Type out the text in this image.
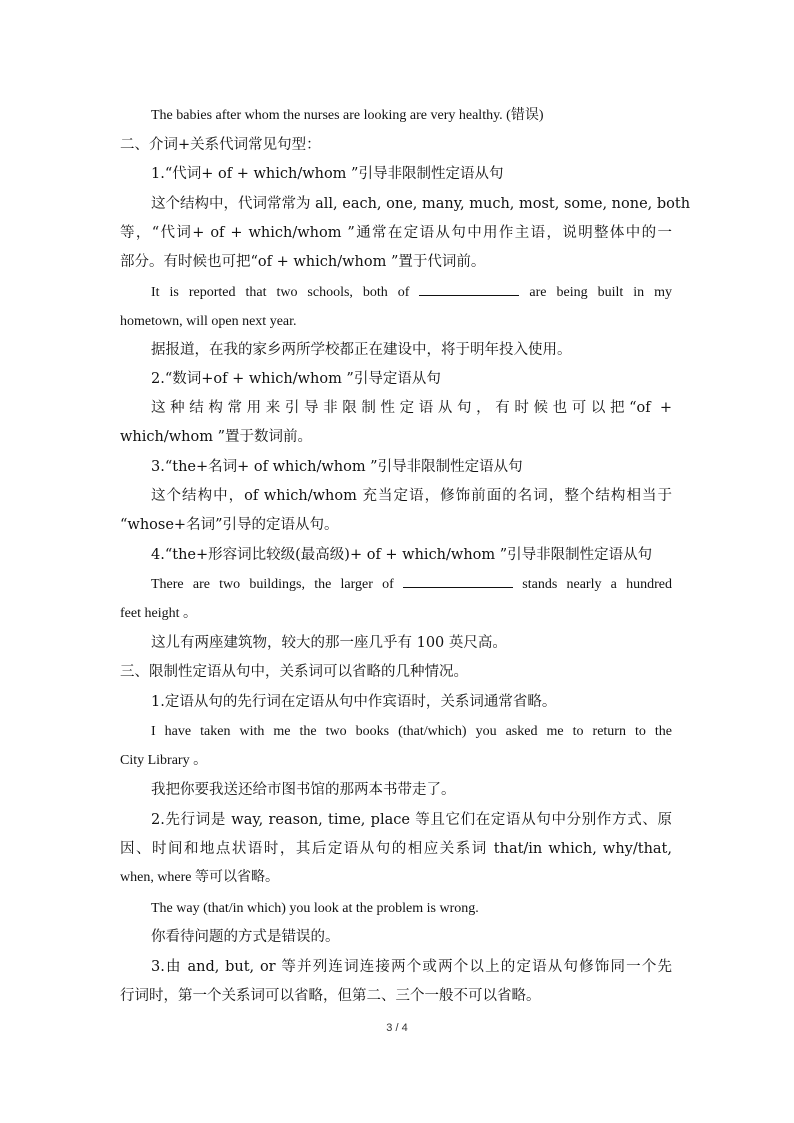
The babies after whom the nurses are looking are very healthy. (错误)
二、介词+关系代词常见句型：
1.“代词+ of + which/whom ”引导非限制性定语从句
这个结构中，代词常常为 all, each, one, many, much, most, some, none, both
等，“代词+ of + which/whom ”通常在定语从句中用作主语，说明整体中的一
部分。有时候也可把“of + which/whom ”置于代词前。
It is reported that two schools, both of	are being built in my
hometown, will open next year.
据报道，在我的家乡两所学校都正在建设中，将于明年投入使用。
2.“数词+of + which/whom ”引导定语从句
这种结构常用来引导非限制性定语从句，有时候也可以把“of +
which/whom ”置于数词前。
3.“the+名词+ of which/whom ”引导非限制性定语从句
这个结构中，of which/whom 充当定语，修饰前面的名词，整个结构相当于
“whose+名词”引导的定语从句。
4.“the+形容词比较级(最高级)+ of + which/whom ”引导非限制性定语从句
There are two buildings, the larger of	stands nearly a hundred
feet height 。
这儿有两座建筑物，较大的那一座几乎有 100 英尺高。
三、限制性定语从句中，关系词可以省略的几种情况。
1.定语从句的先行词在定语从句中作宾语时，关系词通常省略。
I have taken with me the two books (that/which) you asked me to return to the
City Library 。
我把你要我送还给市图书馆的那两本书带走了。
2.先行词是 way, reason, time, place 等且它们在定语从句中分别作方式、原
因、时间和地点状语时，其后定语从句的相应关系词 that/in which, why/that,
when, where 等可以省略。
The way (that/in which) you look at the problem is wrong.
你看待问题的方式是错误的。
3.由 and, but, or 等并列连词连接两个或两个以上的定语从句修饰同一个先
行词时，第一个关系词可以省略，但第二、三个一般不可以省略。
3 / 4
